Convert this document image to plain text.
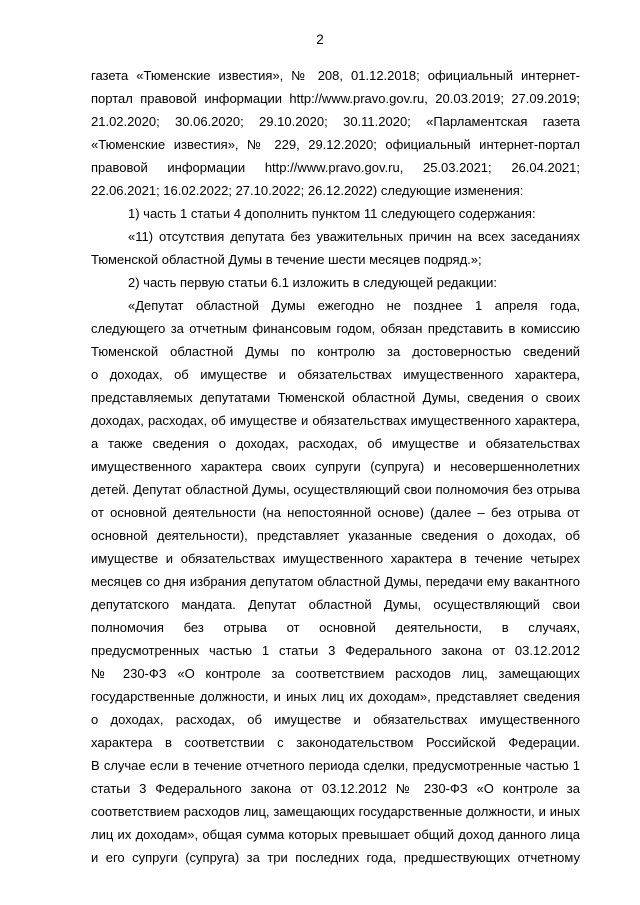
2
газета «Тюменские известия», № 208, 01.12.2018; официальный интернет-
портал правовой информации http://www.pravo.gov.ru, 20.03.2019; 27.09.2019;
21.02.2020; 30.06.2020; 29.10.2020; 30.11.2020; «Парламентская газета
«Тюменские известия», № 229, 29.12.2020; официальный интернет-портал
правовой информации http://www.pravo.gov.ru, 25.03.2021; 26.04.2021;
22.06.2021; 16.02.2022; 27.10.2022; 26.12.2022) следующие изменения:
1) часть 1 статьи 4 дополнить пунктом 11 следующего содержания:
«11) отсутствия депутата без уважительных причин на всех заседаниях
Тюменской областной Думы в течение шести месяцев подряд.»;
2) часть первую статьи 6.1 изложить в следующей редакции:
«Депутат областной Думы ежегодно не позднее 1 апреля года,
следующего за отчетным финансовым годом, обязан представить в комиссию
Тюменской областной Думы по контролю за достоверностью сведений
о доходах, об имуществе и обязательствах имущественного характера,
представляемых депутатами Тюменской областной Думы, сведения о своих
доходах, расходах, об имуществе и обязательствах имущественного характера,
а также сведения о доходах, расходах, об имуществе и обязательствах
имущественного характера своих супруги (супруга) и несовершеннолетних
детей. Депутат областной Думы, осуществляющий свои полномочия без отрыва
от основной деятельности (на непостоянной основе) (далее – без отрыва от
основной деятельности), представляет указанные сведения о доходах, об
имуществе и обязательствах имущественного характера в течение четырех
месяцев со дня избрания депутатом областной Думы, передачи ему вакантного
депутатского мандата. Депутат областной Думы, осуществляющий свои
полномочия без отрыва от основной деятельности, в случаях,
предусмотренных частью 1 статьи 3 Федерального закона от 03.12.2012
№ 230-ФЗ «О контроле за соответствием расходов лиц, замещающих
государственные должности, и иных лиц их доходам», представляет сведения
о доходах, расходах, об имуществе и обязательствах имущественного
характера в соответствии с законодательством Российской Федерации.
В случае если в течение отчетного периода сделки, предусмотренные частью 1
статьи 3 Федерального закона от 03.12.2012 № 230-ФЗ «О контроле за
соответствием расходов лиц, замещающих государственные должности, и иных
лиц их доходам», общая сумма которых превышает общий доход данного лица
и его супруги (супруга) за три последних года, предшествующих отчетному
